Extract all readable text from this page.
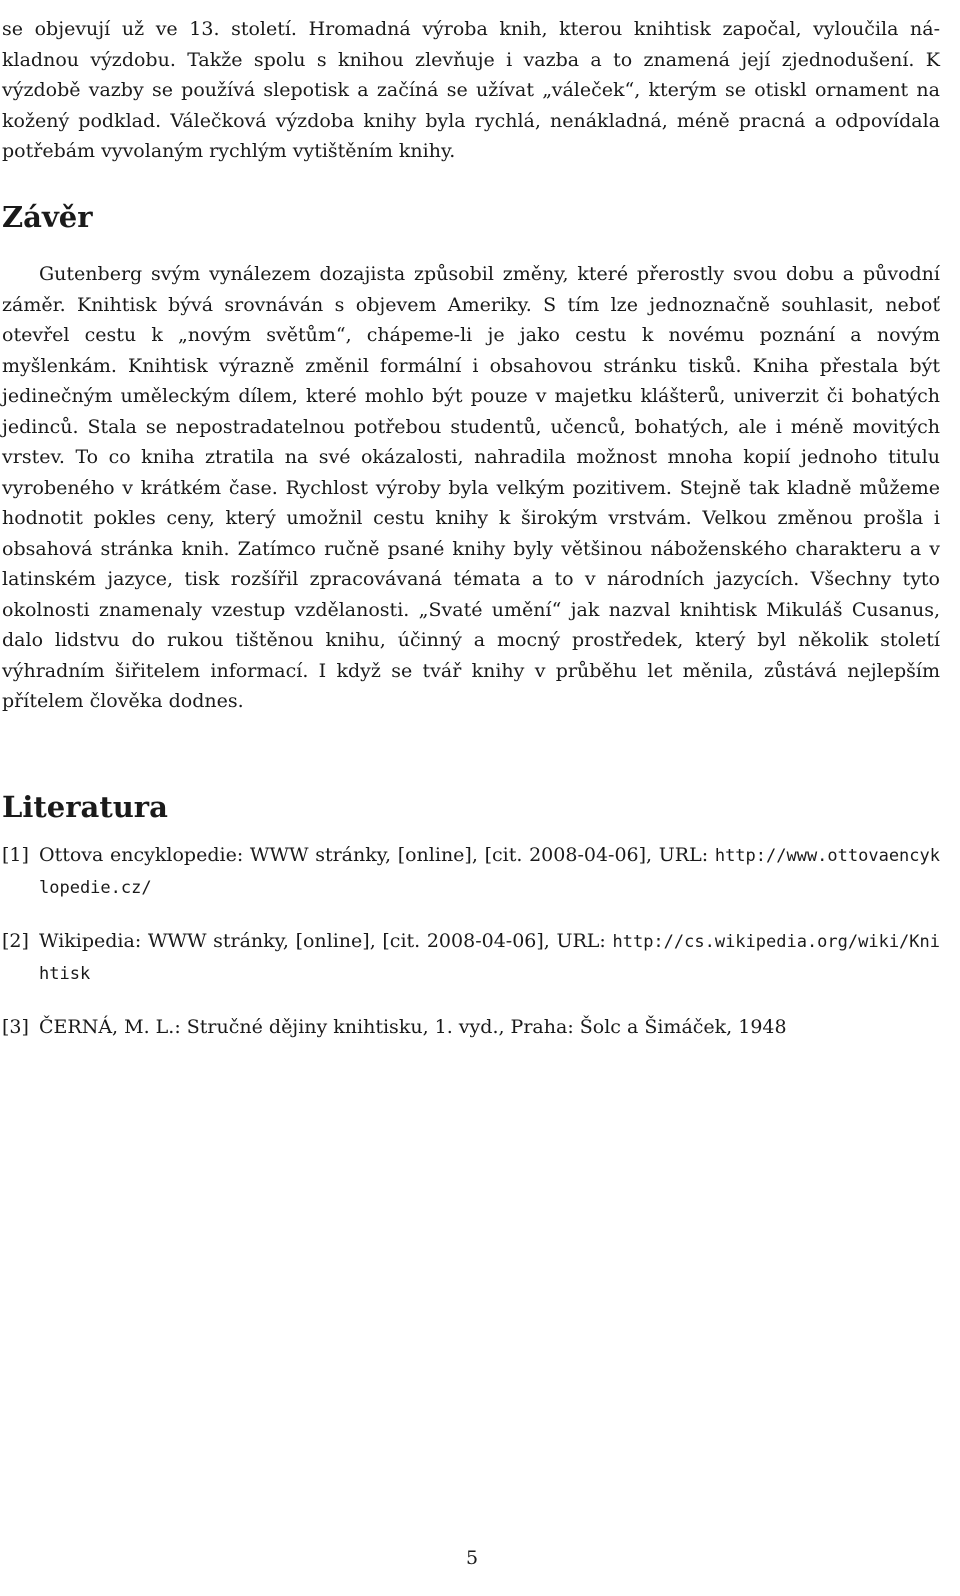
se objevují už ve 13. století. Hromadná výroba knih, kterou knihtisk započal, vyloučila ná-kladnou výzdobu. Takže spolu s knihou zlevňuje i vazba a to znamená její zjednodušení. K výzdobě vazby se používá slepotisk a začíná se užívat „váleček“, kterým se otiskl ornament na kožený podklad. Válečková výzdoba knihy byla rychlá, nenákladná, méně pracná a odpovídala potřebám vyvolaným rychlým vytištěním knihy.

Závěr

Gutenberg svým vynálezem dozajista způsobil změny, které přerostly svou dobu a původní záměr. Knihtisk bývá srovnáván s objevem Ameriky. S tím lze jednoznačně souhlasit, neboť otevřel cestu k „novým světům“, chápeme-li je jako cestu k novému poznání a novým myšlenkám. Knihtisk výrazně změnil formální i obsahovou stránku tisků. Kniha přestala být jedinečným uměleckým dílem, které mohlo být pouze v majetku klášterů, univerzit či bohatých jedinců. Stala se nepostradatelnou potřebou studentů, učenců, bohatých, ale i méně movitých vrstev. To co kniha ztratila na své okázalosti, nahradila možnost mnoha kopií jednoho titulu vyrobeného v krátkém čase. Rychlost výroby byla velkým pozitivem. Stejně tak kladně můžeme hodnotit pokles ceny, který umožnil cestu knihy k širokým vrstvám. Velkou změnou prošla i obsahová stránka knih. Zatímco ručně psané knihy byly většinou náboženského charakteru a v latinském jazyce, tisk rozšířil zpracovávaná témata a to v národních jazycích. Všechny tyto okolnosti znamenaly vzestup vzdělanosti. „Svaté umění“ jak nazval knihtisk Mikuláš Cusanus, dalo lidstvu do rukou tištěnou knihu, účinný a mocný prostředek, který byl několik století výhradním šiřitelem informací. I když se tvář knihy v průběhu let měnila, zůstává nejlepším přítelem člověka dodnes.

Literatura
[1] Ottova encyklopedie: WWW stránky, [online], [cit. 2008-04-06], URL: http://www.ottovaencyklopedie.cz/
[2] Wikipedia: WWW stránky, [online], [cit. 2008-04-06], URL: http://cs.wikipedia.org/wiki/Knihtisk
[3] ČERNÁ, M. L.: Stručné dějiny knihtisku, 1. vyd., Praha: Šolc a Šimáček, 1948
5
